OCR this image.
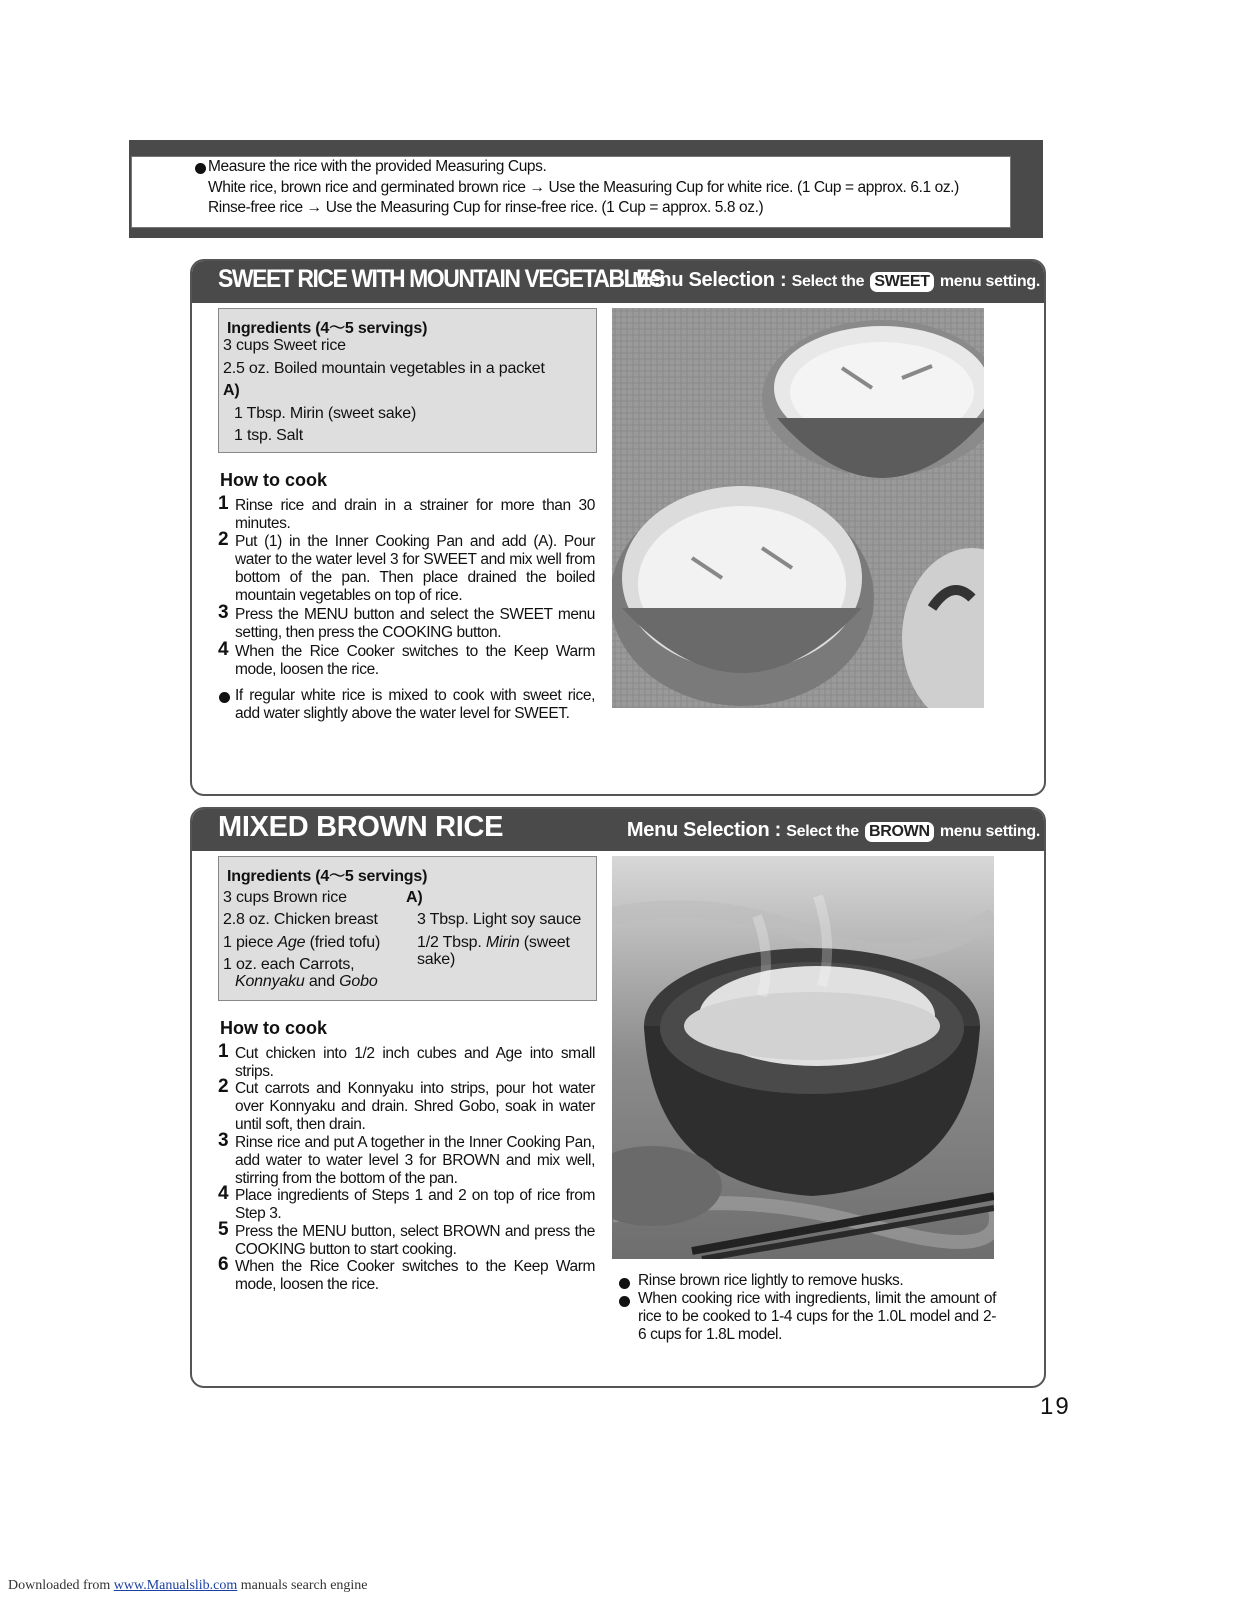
Measure the rice with the provided Measuring Cups.
White rice, brown rice and germinated brown rice → Use the Measuring Cup for white rice. (1 Cup = approx. 6.1 oz.)
Rinse-free rice → Use the Measuring Cup for rinse-free rice. (1 Cup = approx. 5.8 oz.)
SWEET RICE WITH MOUNTAIN VEGETABLES
Menu Selection : Select the SWEET menu setting.
Ingredients (4〜5 servings)
3 cups Sweet rice
2.5 oz. Boiled mountain vegetables in a packet
A)
1 Tbsp. Mirin (sweet sake)
1 tsp. Salt
How to cook
1 Rinse rice and drain in a strainer for more than 30 minutes.
2 Put (1) in the Inner Cooking Pan and add (A). Pour water to the water level 3 for SWEET and mix well from bottom of the pan. Then place drained the boiled mountain vegetables on top of rice.
3 Press the MENU button and select the SWEET menu setting, then press the COOKING button.
4 When the Rice Cooker switches to the Keep Warm mode, loosen the rice.
If regular white rice is mixed to cook with sweet rice, add water slightly above the water level for SWEET.
MIXED BROWN RICE	Menu Selection : Select the BROWN menu setting.
Ingredients (4〜5 servings)
3 cups Brown rice
2.8 oz. Chicken breast
1 piece Age (fried tofu)
1 oz. each Carrots,
Konnyaku and Gobo
A)
3 Tbsp. Light soy sauce
1/2 Tbsp. Mirin (sweet
sake)
How to cook
1 Cut chicken into 1/2 inch cubes and Age into small strips.
2 Cut carrots and Konnyaku into strips, pour hot water over Konnyaku and drain. Shred Gobo, soak in water until soft, then drain.
3 Rinse rice and put A together in the Inner Cooking Pan, add water to water level 3 for BROWN and mix well, stirring from the bottom of the pan.
4 Place ingredients of Steps 1 and 2 on top of rice from Step 3.
5 Press the MENU button, select BROWN and press the COOKING button to start cooking.
6 When the Rice Cooker switches to the Keep Warm mode, loosen the rice.	Rinse brown rice lightly to remove husks.
When cooking rice with ingredients, limit the amount of rice to be cooked to 1-4 cups for the 1.0L model and 2-6 cups for 1.8L model.
19
Downloaded from www.Manualslib.com manuals search engine
